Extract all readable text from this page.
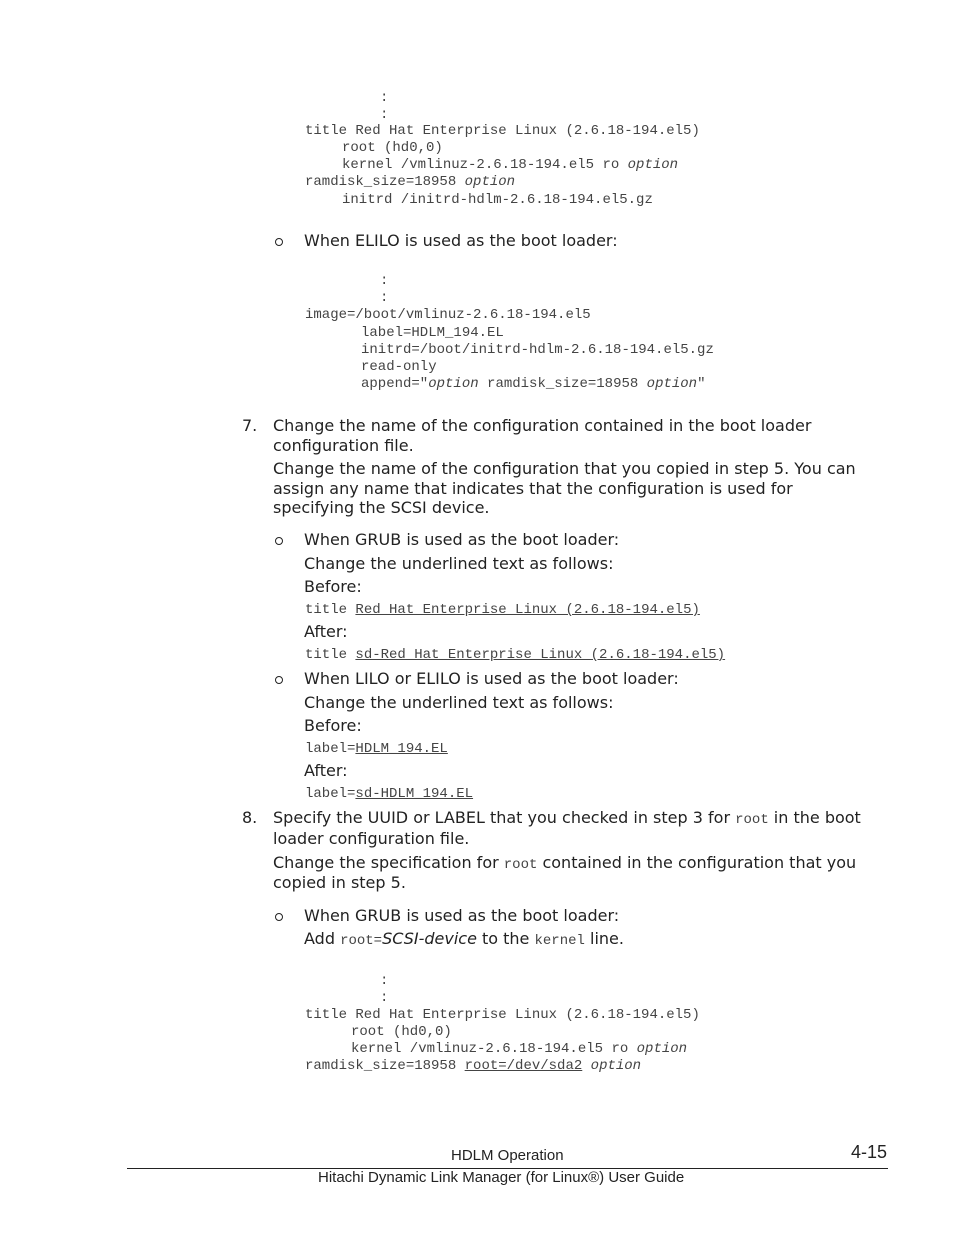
:
:
title Red Hat Enterprise Linux (2.6.18-194.el5)
root (hd0,0)
kernel /vmlinuz-2.6.18-194.el5 ro option
ramdisk_size=18958 option
initrd /initrd-hdlm-2.6.18-194.el5.gz
When ELILO is used as the boot loader:
:
:
image=/boot/vmlinuz-2.6.18-194.el5
label=HDLM_194.EL
initrd=/boot/initrd-hdlm-2.6.18-194.el5.gz
read-only
append="option ramdisk_size=18958 option"
7. Change the name of the configuration contained in the boot loader
configuration file.
Change the name of the configuration that you copied in step 5. You can
assign any name that indicates that the configuration is used for
specifying the SCSI device.
When GRUB is used as the boot loader:
Change the underlined text as follows:
Before:
title Red Hat Enterprise Linux (2.6.18-194.el5)
After:
title sd-Red Hat Enterprise Linux (2.6.18-194.el5)
When LILO or ELILO is used as the boot loader:
Change the underlined text as follows:
Before:
label=HDLM_194.EL
After:
label=sd-HDLM_194.EL
8. Specify the UUID or LABEL that you checked in step 3 for root in the boot
loader configuration file.
Change the specification for root contained in the configuration that you
copied in step 5.
When GRUB is used as the boot loader:
Add root=SCSI-device to the kernel line.
:
:
title Red Hat Enterprise Linux (2.6.18-194.el5)
root (hd0,0)
kernel /vmlinuz-2.6.18-194.el5 ro option
ramdisk_size=18958 root=/dev/sda2 option
HDLM Operation	4-15
Hitachi Dynamic Link Manager (for Linux®) User Guide
